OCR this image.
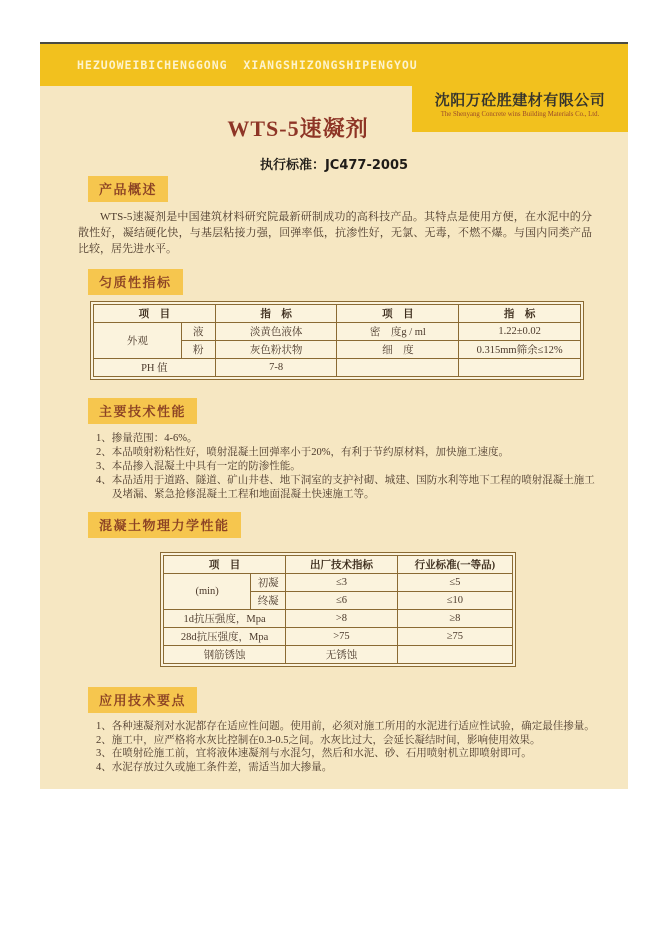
HEZUOWEIBICHENGGONG  XIANGSHIZONGSHIPENGYOU
沈阳万砼胜建材有限公司
The Shenyang Concrete wins Building Materials Co., Ltd.
WTS-5速凝剂
执行标准：JC477-2005
产品概述
WTS-5速凝剂是中国建筑材料研究院最新研制成功的高科技产品。其特点是使用方便，在水泥中的分散性好，凝结硬化快，与基层粘接力强，回弹率低，抗渗性好，无氯、无毒，不燃不爆。与国内同类产品比较，居先进水平。
匀质性指标
项　目		指　标	项　目	指　标
外观	液	淡黄色液体	密　度g / ml	1.22±0.02
	粉	灰色粉状物	细　度	0.315mm筛余≤12%
PH 值		7-8		
主要技术性能
1、掺量范围：4-6%。
2、本品喷射粉粘性好，喷射混凝土回弹率小于20%，有利于节约原材料，加快施工速度。
3、本品掺入混凝土中具有一定的防渗性能。
4、本品适用于道路、隧道、矿山井巷、地下洞室的支护衬砌、城建、国防水利等地下工程的喷射混凝土施工及堵漏、紧急抢修混凝土工程和地面混凝土快速施工等。
混凝土物理力学性能
项　目		出厂技术指标	行业标准(一等品)
(min)	初凝	≤3	≤5
	终凝	≤6	≤10
1d抗压强度，Mpa		>8	≥8
28d抗压强度，Mpa		>75	≥75
钢筋锈蚀		无锈蚀	
应用技术要点
1、各种速凝剂对水泥都存在适应性问题。使用前，必须对施工所用的水泥进行适应性试验，确定最佳掺量。
2、施工中，应严格将水灰比控制在0.3-0.5之间。水灰比过大，会延长凝结时间，影响使用效果。
3、在喷射砼施工前，宜将液体速凝剂与水混匀，然后和水泥、砂、石用喷射机立即喷射即可。
4、水泥存放过久或施工条件差，需适当加大掺量。
